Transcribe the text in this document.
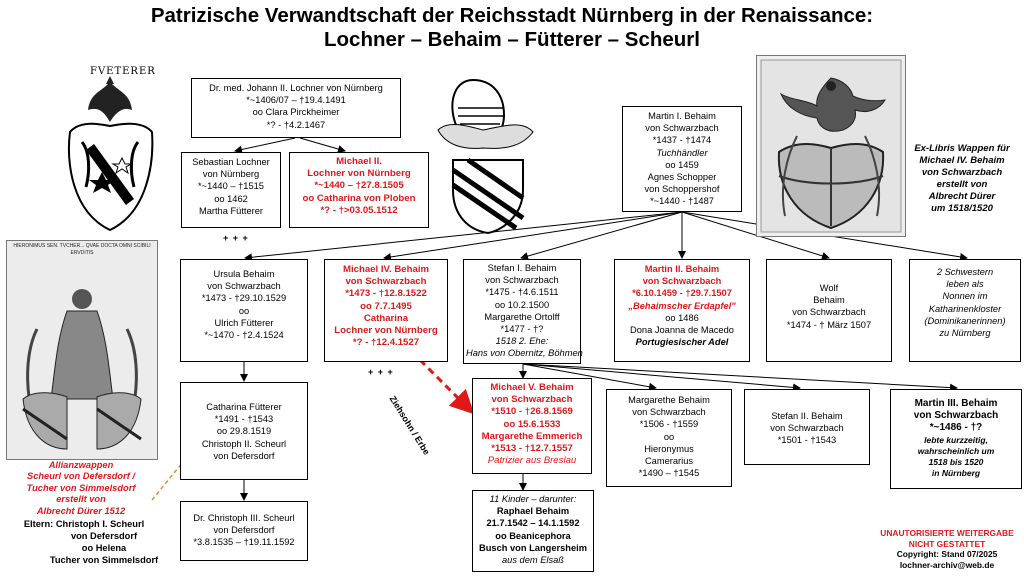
Patrizische Verwandtschaft der Reichsstadt Nürnberg in der Renaissance:
Lochner – Behaim – Fütterer – Scheurl
FVETERER
HIERONIMUS SEN. TVCHER... QVAE DOCTA OMNI SCIBILI ERVDITIS
Dr. med. Johann II. Lochner von Nürnberg
*~1406/07 – †19.4.1491
oo Clara Pirckheimer
*? - †4.2.1467
Sebastian Lochner
von Nürnberg
*~1440 – †1515
oo 1462
Martha Fütterer
Michael II.
Lochner von Nürnberg
*~1440 – †27.8.1505
oo Catharina von Ploben
*? - †>03.05.1512
+ + +
Martin I. Behaim
von Schwarzbach
*1437 - †1474
Tuchhändler
oo 1459
Agnes Schopper
von Schoppershof
*~1440 - †1487
Ex-Libris Wappen für
Michael IV. Behaim
von Schwarzbach
erstellt von
Albrecht Dürer
um 1518/1520
Ursula Behaim
von Schwarzbach
*1473 - †29.10.1529
oo
Ulrich Fütterer
*~1470 - †2.4.1524
Michael IV. Behaim
von Schwarzbach
*1473 - †12.8.1522
oo 7.7.1495
Catharina
Lochner von Nürnberg
*? - †12.4.1527
+ + +
Stefan I. Behaim
von Schwarzbach
*1475 - †4.6.1511
oo 10.2.1500
Margarethe Ortolff
*1477 - †?
1518 2. Ehe:
Hans von Obernitz, Böhmen
Martin II. Behaim
von Schwarzbach
*6.10.1459 - †29.7.1507
„Behaimscher Erdapfel"
oo 1486
Dona Joanna de Macedo
Portugiesischer Adel
Wolf
Behaim
von Schwarzbach
*1474 - † März 1507
2 Schwestern
leben als
Nonnen im
Katharinenkloster
(Dominikanerinnen)
zu Nürnberg
Ziehsohn / Erbe
Catharina Fütterer
*1491 - †1543
oo 29.8.1519
Christoph II. Scheurl
von Defersdorf
Michael V. Behaim
von Schwarzbach
*1510 - †26.8.1569
oo 15.6.1533
Margarethe Emmerich
*1513 - †12.7.1557
Patrizier aus Breslau
Margarethe Behaim
von Schwarzbach
*1506 - †1559
oo
Hieronymus
Camerarius
*1490 – †1545
Stefan II. Behaim
von Schwarzbach
*1501 - †1543
Martin III. Behaim
von Schwarzbach
*~1486 - †?
lebte kurzzeitig,
wahrscheinlich um
1518 bis 1520
in Nürnberg
Dr. Christoph III. Scheurl
von Defersdorf
*3.8.1535 – †19.11.1592
11 Kinder – darunter:
Raphael Behaim
21.7.1542 – 14.1.1592
oo Beanicephora
Busch von Langersheim
aus dem Elsaß
Allianzwappen
Scheurl von Defersdorf /
Tucher von Simmelsdorf
erstellt von
Albrecht Dürer 1512
Eltern: Christoph I. Scheurl
von Defersdorf
oo Helena
Tucher von Simmelsdorf
UNAUTORISIERTE WEITERGABE
NICHT GESTATTET
Copyright: Stand 07/2025
lochner-archiv@web.de
